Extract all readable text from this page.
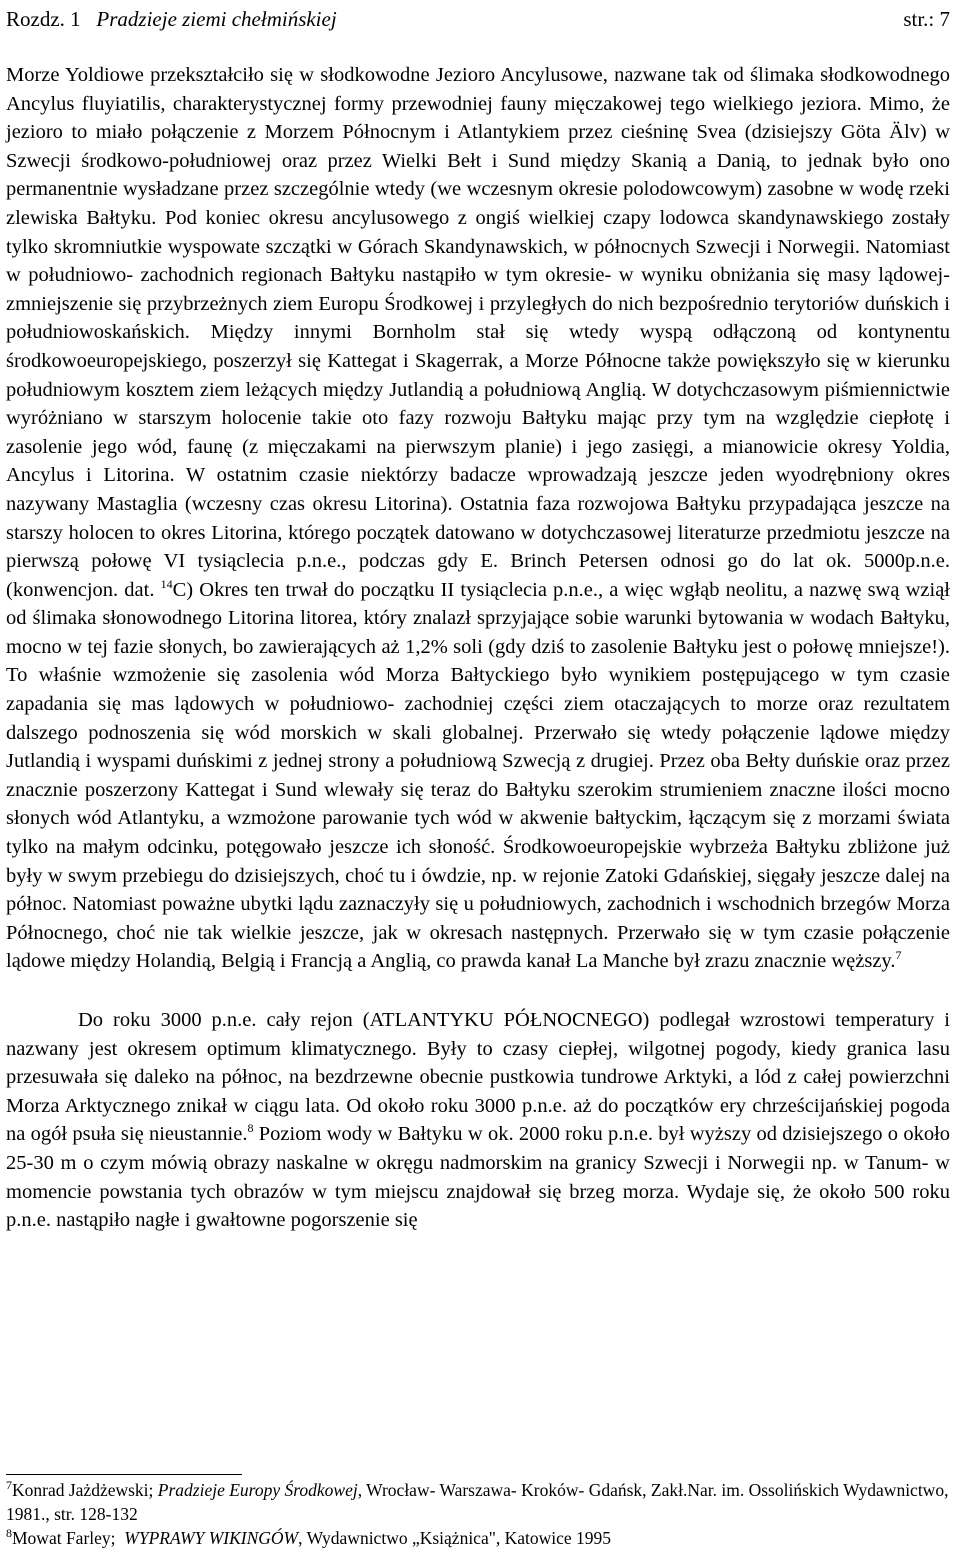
Rozdz. 1 Pradzieje ziemi chełmińskiej	str.: 7

Morze Yoldiowe przekształciło się w słodkowodne Jezioro Ancylusowe, nazwane tak od ślimaka słodkowodnego Ancylus fluyiatilis, charakterystycznej formy przewodniej fauny mięczakowej tego wielkiego jeziora. Mimo, że jezioro to miało połączenie z Morzem Północnym i Atlantykiem przez cieśninę Svea (dzisiejszy Göta Älv) w Szwecji środkowo-południowej oraz przez Wielki Bełt i Sund między Skanią a Danią, to jednak było ono permanentnie wysładzane przez szczególnie wtedy (we wczesnym okresie polodowcowym) zasobne w wodę rzeki zlewiska Bałtyku. Pod koniec okresu ancylusowego z ongiś wielkiej czapy lodowca skandynawskiego zostały tylko skromniutkie wyspowate szczątki w Górach Skandynawskich, w północnych Szwecji i Norwegii. Natomiast w południowo- zachodnich regionach Bałtyku nastąpiło w tym okresie- w wyniku obniżania się masy lądowej-zmniejszenie się przybrzeżnych ziem Europu Środkowej i przyległych do nich bezpośrednio terytoriów duńskich i południowoskańskich. Między innymi Bornholm stał się wtedy wyspą odłączoną od kontynentu środkowoeuropejskiego, poszerzył się Kattegat i Skagerrak, a Morze Północne także powiększyło się w kierunku południowym kosztem ziem leżących między Jutlandią a południową Anglią. W dotychczasowym piśmiennictwie wyróżniano w starszym holocenie takie oto fazy rozwoju Bałtyku mając przy tym na względzie ciepłotę i zasolenie jego wód, faunę (z mięczakami na pierwszym planie) i jego zasięgi, a mianowicie okresy Yoldia, Ancylus i Litorina. W ostatnim czasie niektórzy badacze wprowadzają jeszcze jeden wyodrębniony okres nazywany Mastaglia (wczesny czas okresu Litorina). Ostatnia faza rozwojowa Bałtyku przypadająca jeszcze na starszy holocen to okres Litorina, którego początek datowano w dotychczasowej literaturze przedmiotu jeszcze na pierwszą połowę VI tysiąclecia p.n.e., podczas gdy E. Brinch Petersen odnosi go do lat ok. 5000p.n.e. (konwencjon. dat. $^{14}$C) Okres ten trwał do początku II tysiąclecia p.n.e., a więc wgłąb neolitu, a nazwę swą wziął od ślimaka słonowodnego Litorina litorea, który znalazł sprzyjające sobie warunki bytowania w wodach Bałtyku, mocno w tej fazie słonych, bo zawierających aż 1,2% soli (gdy dziś to zasolenie Bałtyku jest o połowę mniejsze!). To właśnie wzmożenie się zasolenia wód Morza Bałtyckiego było wynikiem postępującego w tym czasie zapadania się mas lądowych w południowo- zachodniej części ziem otaczających to morze oraz rezultatem dalszego podnoszenia się wód morskich w skali globalnej. Przerwało się wtedy połączenie lądowe między Jutlandią i wyspami duńskimi z jednej strony a południową Szwecją z drugiej. Przez oba Bełty duńskie oraz przez znacznie poszerzony Kattegat i Sund wlewały się teraz do Bałtyku szerokim strumieniem znaczne ilości mocno słonych wód Atlantyku, a wzmożone parowanie tych wód w akwenie bałtyckim, łączącym się z morzami świata tylko na małym odcinku, potęgowało jeszcze ich słoność. Środkowoeuropejskie wybrzeża Bałtyku zbliżone już były w swym przebiegu do dzisiejszych, choć tu i ówdzie, np. w rejonie Zatoki Gdańskiej, sięgały jeszcze dalej na północ. Natomiast poważne ubytki lądu zaznaczyły się u południowych, zachodnich i wschodnich brzegów Morza Północnego, choć nie tak wielkie jeszcze, jak w okresach następnych. Przerwało się w tym czasie połączenie lądowe między Holandią, Belgią i Francją a Anglią, co prawda kanał La Manche był zrazu znacznie węższy.$^7$

Do roku 3000 p.n.e. cały rejon (ATLANTYKU PÓŁNOCNEGO) podlegał wzrostowi temperatury i nazwany jest okresem optimum klimatycznego. Były to czasy ciepłej, wilgotnej pogody, kiedy granica lasu przesuwała się daleko na północ, na bezdrzewne obecnie pustkowia tundrowe Arktyki, a lód z całej powierzchni Morza Arktycznego znikał w ciągu lata. Od około roku 3000 p.n.e. aż do początków ery chrześcijańskiej pogoda na ogół psuła się nieustannie.$^8$ Poziom wody w Bałtyku w ok. 2000 roku p.n.e. był wyższy od dzisiejszego o około 25-30 m o czym mówią obrazy naskalne w okręgu nadmorskim na granicy Szwecji i Norwegii np. w Tanum- w momencie powstania tych obrazów w tym miejscu znajdował się brzeg morza. Wydaje się, że około 500 roku p.n.e. nastąpiło nagłe i gwałtowne pogorszenie się

$^7$Konrad Jażdżewski; Pradzieje Europy Środkowej, Wrocław- Warszawa- Kroków- Gdańsk, Zakł.Nar. im. Ossolińskich Wydawnictwo, 1981., str. 128-132

$^8$Mowat Farley; WYPRAWY WIKINGÓW, Wydawnictwo „Książnica", Katowice 1995
